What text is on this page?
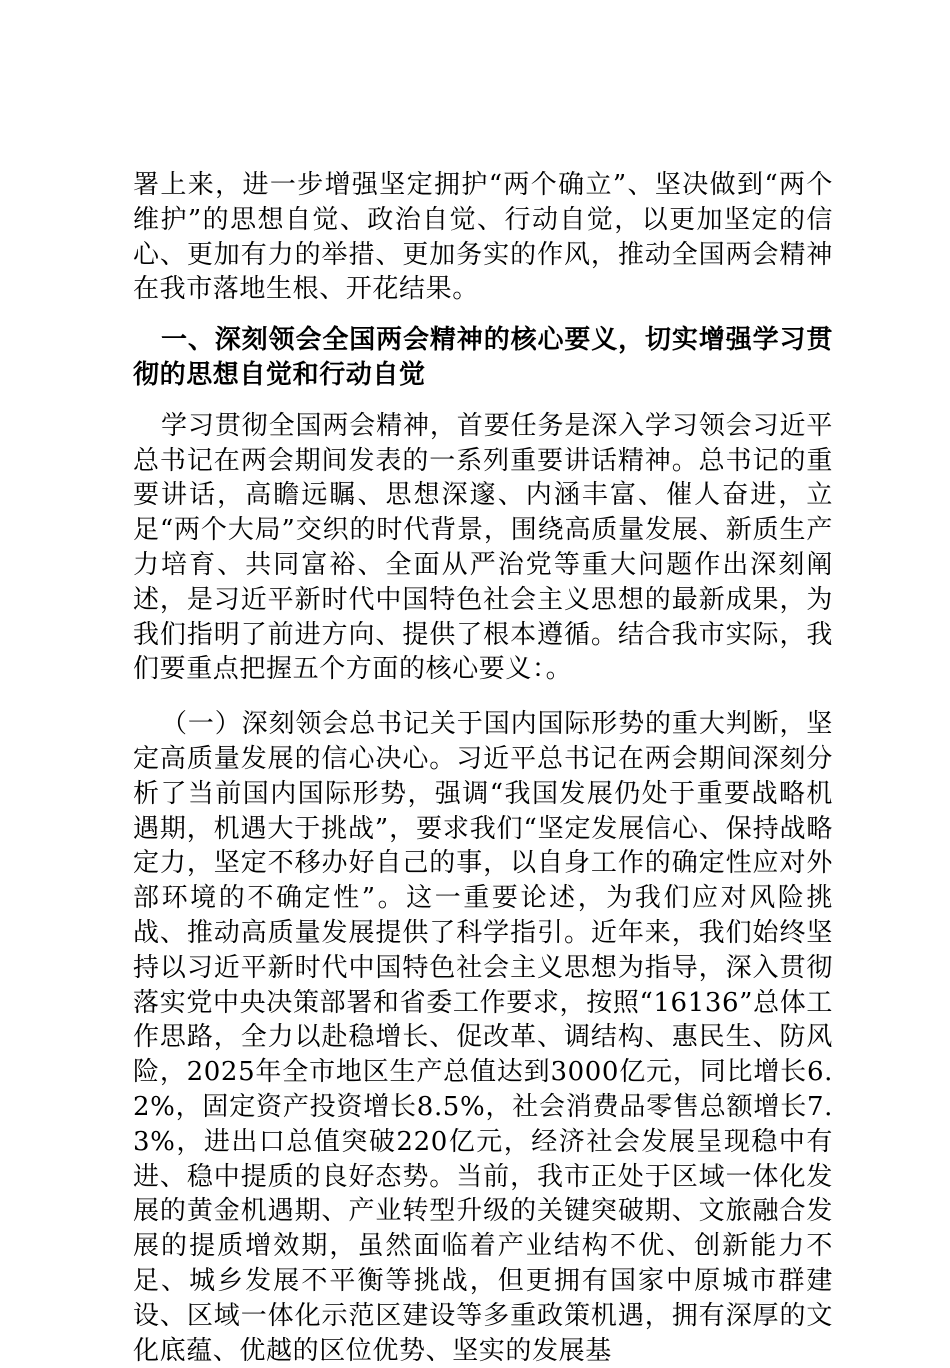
署上来，进一步增强坚定拥护“两个确立”、坚决做到“两个维护”的思想自觉、政治自觉、行动自觉，以更加坚定的信心、更加有力的举措、更加务实的作风，推动全国两会精神在我市落地生根、开花结果。

一、深刻领会全国两会精神的核心要义，切实增强学习贯彻的思想自觉和行动自觉

学习贯彻全国两会精神，首要任务是深入学习领会习近平总书记在两会期间发表的一系列重要讲话精神。总书记的重要讲话，高瞻远瞩、思想深邃、内涵丰富、催人奋进，立足“两个大局”交织的时代背景，围绕高质量发展、新质生产力培育、共同富裕、全面从严治党等重大问题作出深刻阐述，是习近平新时代中国特色社会主义思想的最新成果，为我们指明了前进方向、提供了根本遵循。结合我市实际，我们要重点把握五个方面的核心要义：。

（一）深刻领会总书记关于国内国际形势的重大判断，坚定高质量发展的信心决心。习近平总书记在两会期间深刻分析了当前国内国际形势，强调“我国发展仍处于重要战略机遇期，机遇大于挑战”，要求我们“坚定发展信心、保持战略定力，坚定不移办好自己的事，以自身工作的确定性应对外部环境的不确定性”。这一重要论述，为我们应对风险挑战、推动高质量发展提供了科学指引。近年来，我们始终坚持以习近平新时代中国特色社会主义思想为指导，深入贯彻落实党中央决策部署和省委工作要求，按照“16136”总体工作思路，全力以赴稳增长、促改革、调结构、惠民生、防风险，2025年全市地区生产总值达到3000亿元，同比增长6.2%，固定资产投资增长8.5%，社会消费品零售总额增长7.3%，进出口总值突破220亿元，经济社会发展呈现稳中有进、稳中提质的良好态势。当前，我市正处于区域一体化发展的黄金机遇期、产业转型升级的关键突破期、文旅融合发展的提质增效期，虽然面临着产业结构不优、创新能力不足、城乡发展不平衡等挑战，但更拥有国家中原城市群建设、区域一体化示范区建设等多重政策机遇，拥有深厚的文化底蕴、优越的区位优势、坚实的发展基
